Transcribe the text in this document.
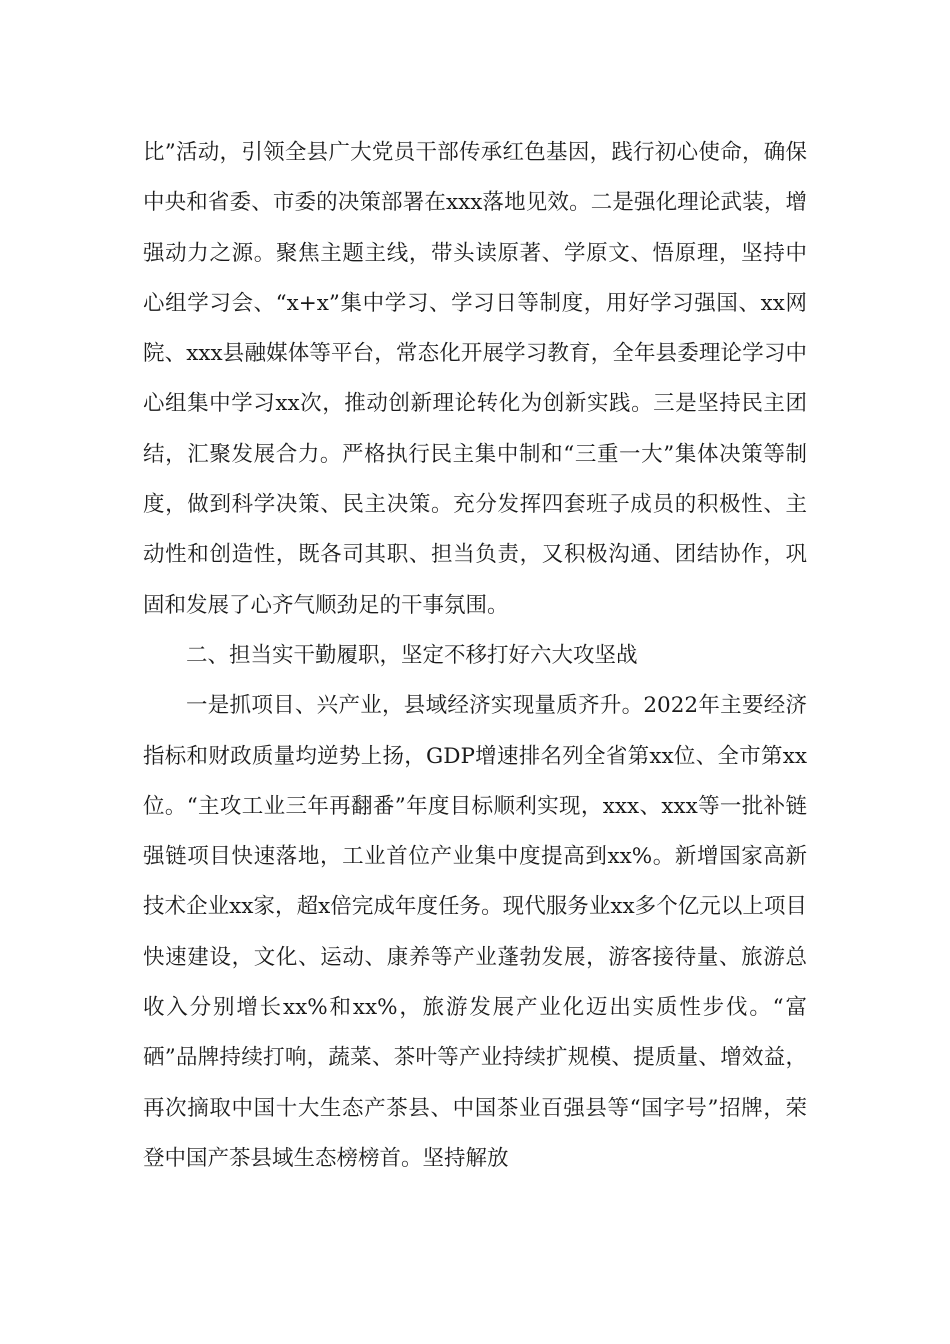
比”活动，引领全县广大党员干部传承红色基因，践行初心使命，确保中央和省委、市委的决策部署在xxx落地见效。二是强化理论武装，增强动力之源。聚焦主题主线，带头读原著、学原文、悟原理，坚持中心组学习会、“x+x”集中学习、学习日等制度，用好学习强国、xx网院、xxx县融媒体等平台，常态化开展学习教育，全年县委理论学习中心组集中学习xx次，推动创新理论转化为创新实践。三是坚持民主团结，汇聚发展合力。严格执行民主集中制和“三重一大”集体决策等制度，做到科学决策、民主决策。充分发挥四套班子成员的积极性、主动性和创造性，既各司其职、担当负责，又积极沟通、团结协作，巩固和发展了心齐气顺劲足的干事氛围。

二、担当实干勤履职，坚定不移打好六大攻坚战

一是抓项目、兴产业，县域经济实现量质齐升。2022年主要经济指标和财政质量均逆势上扬，GDP增速排名列全省第xx位、全市第xx位。“主攻工业三年再翻番”年度目标顺利实现，xxx、xxx等一批补链强链项目快速落地，工业首位产业集中度提高到xx%。新增国家高新技术企业xx家，超x倍完成年度任务。现代服务业xx多个亿元以上项目快速建设，文化、运动、康养等产业蓬勃发展，游客接待量、旅游总收入分别增长xx%和xx%，旅游发展产业化迈出实质性步伐。“富硒”品牌持续打响，蔬菜、茶叶等产业持续扩规模、提质量、增效益，再次摘取中国十大生态产茶县、中国茶业百强县等“国字号”招牌，荣登中国产茶县域生态榜榜首。坚持解放
